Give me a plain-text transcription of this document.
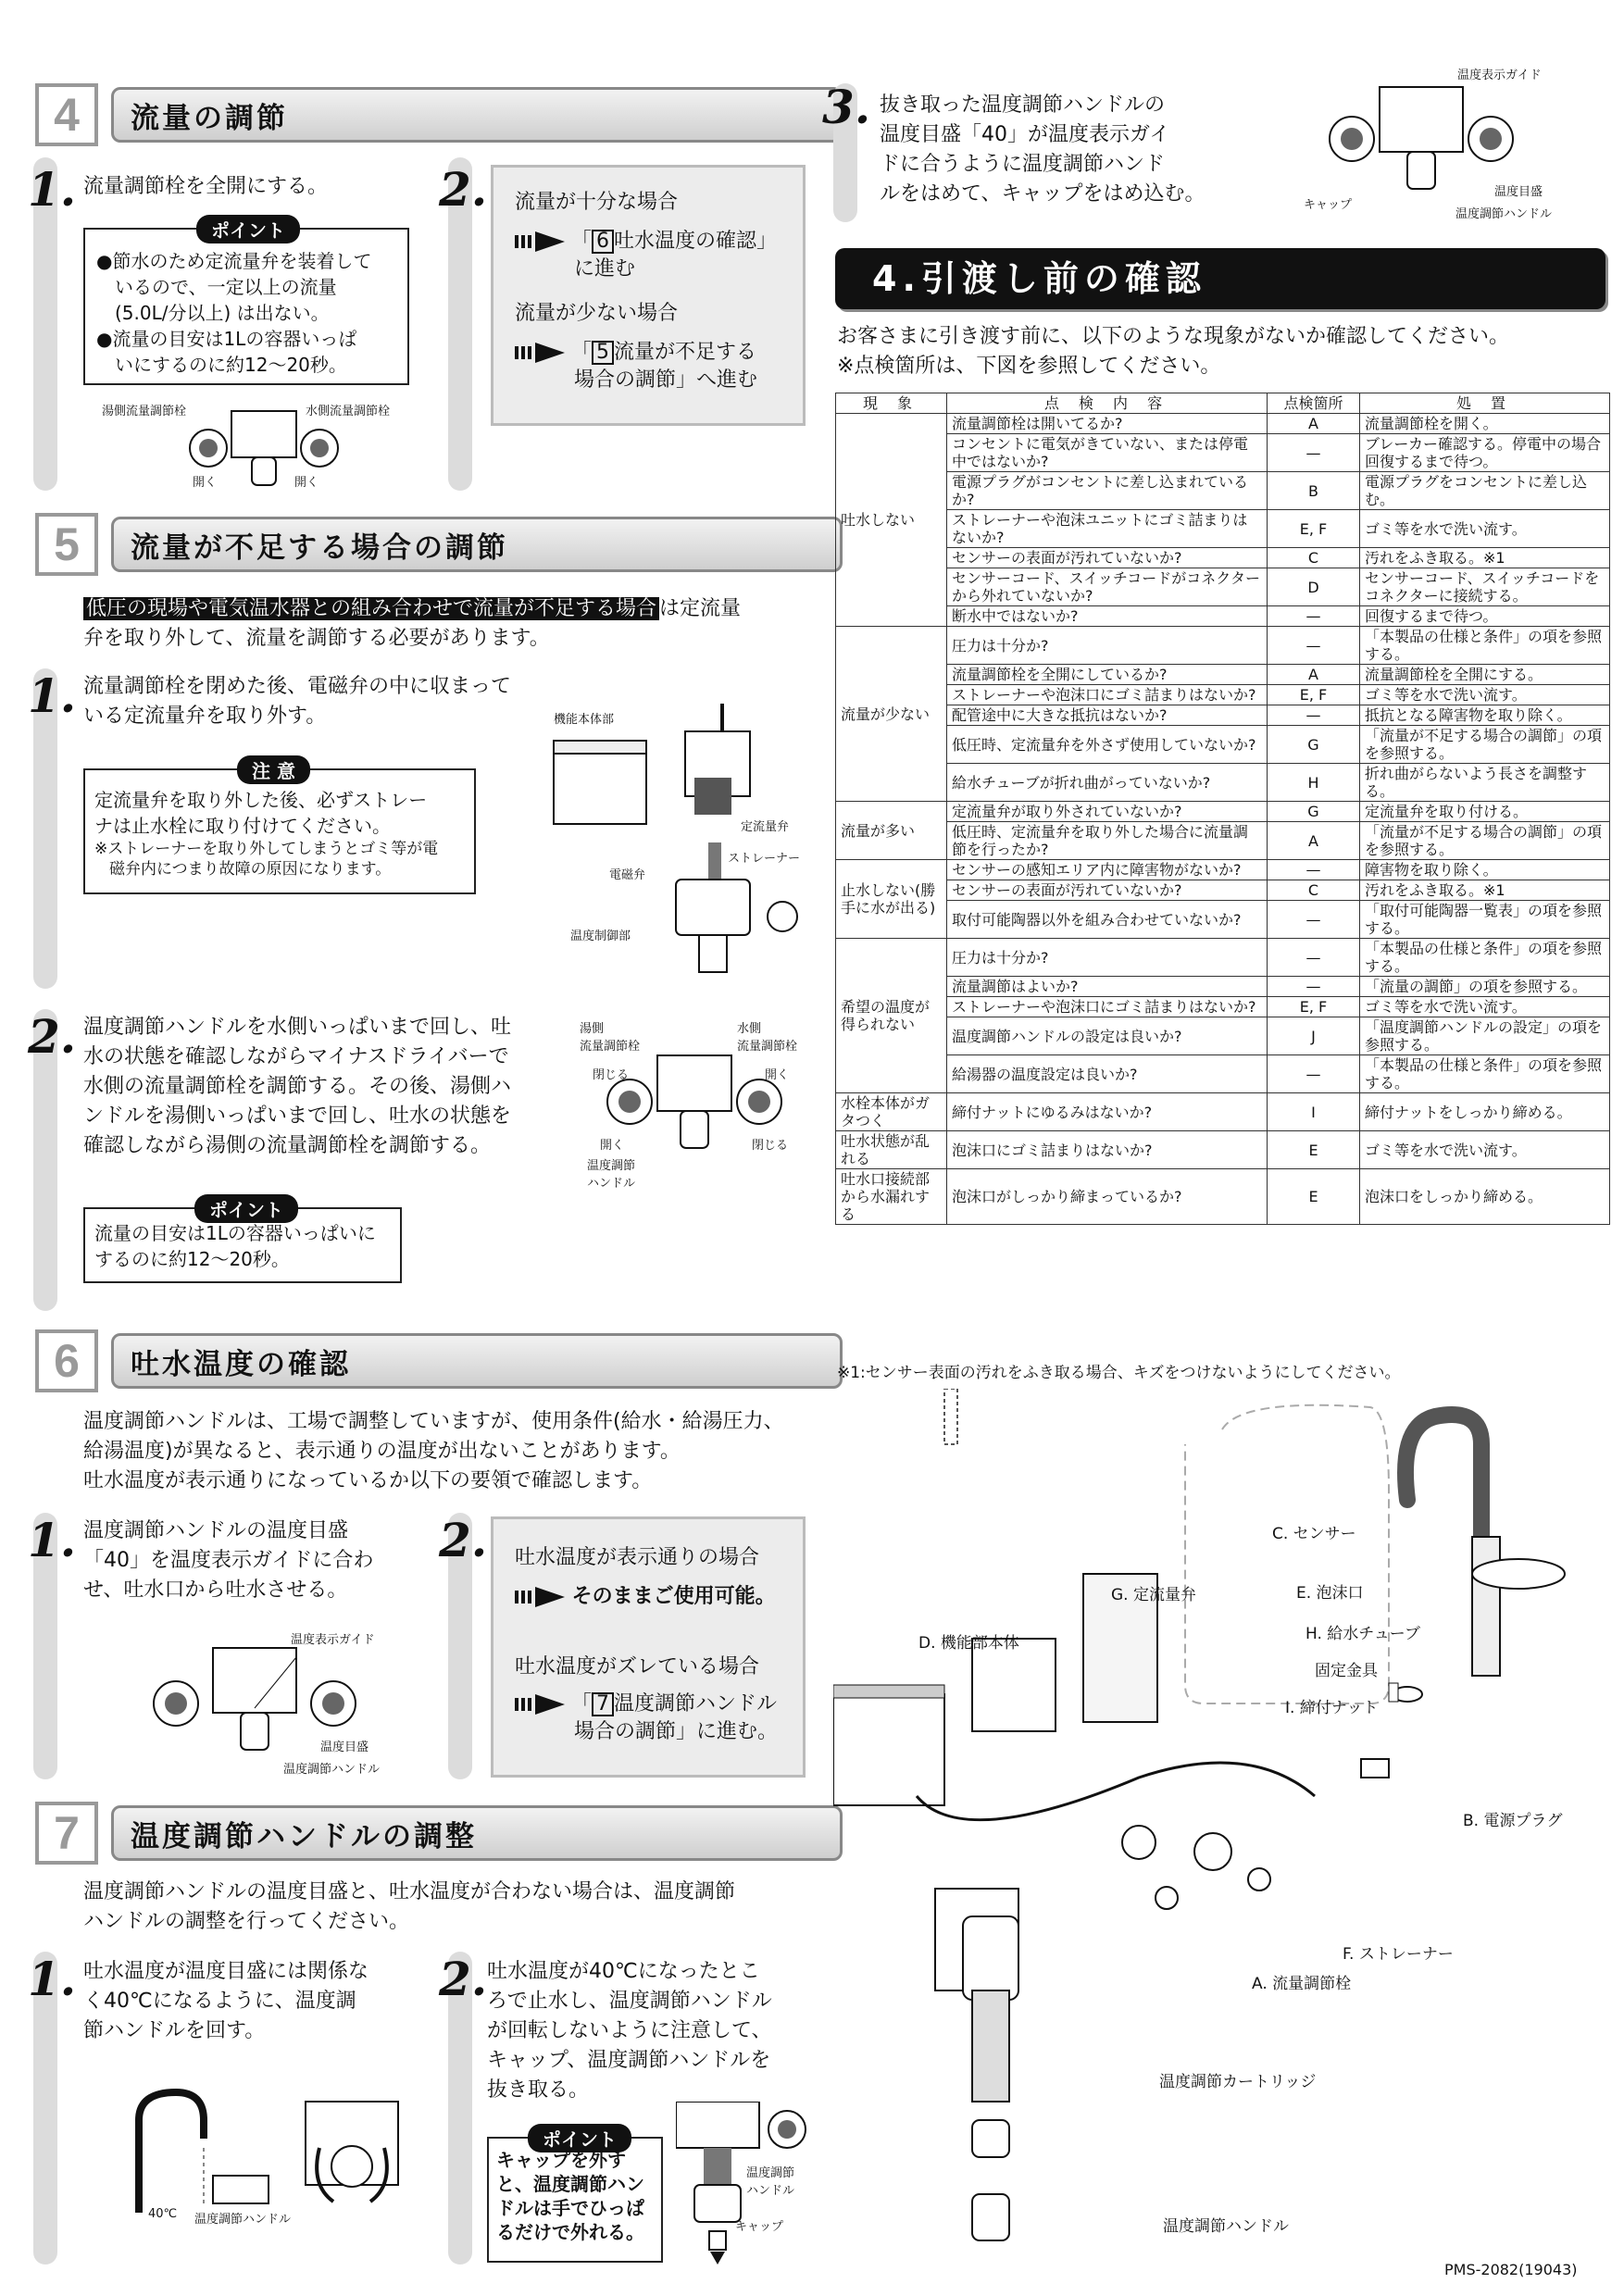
4	流量の調節
1. 流量調節栓を全開にする。
ポイント
●節水のため定流量弁を装着して
いるので、一定以上の流量
(5.0L/分以上) は出ない。
●流量の目安は1Lの容器いっぱ
いにするのに約12〜20秒。
湯側流量調節栓	水側流量調節栓
開く	開く
2. 流量が十分な場合
「 6 吐水温度の確認」
に進む
流量が少ない場合
「 5 流量が不足する
場合の調節」へ進む
5	流量が不足する場合の調節
低圧の現場や電気温水器との組み合わせで流量が不足する場合 は定流量
弁を取り外して、流量を調節する必要があります。
1. 流量調節栓を閉めた後、電磁弁の中に収まって
いる定流量弁を取り外す。
注 意
定流量弁を取り外した後、必ずストレー
ナは止水栓に取り付けてください。
※ストレーナーを取り外してしまうとゴミ等が電
磁弁内につまり故障の原因になります。
機能本体部
定流量弁
ストレーナー
電磁弁
温度制御部
2. 温度調節ハンドルを水側いっぱいまで回し、吐
水の状態を確認しながらマイナスドライバーで
水側の流量調節栓を調節する。その後、湯側ハ
ンドルを湯側いっぱいまで回し、吐水の状態を
確認しながら湯側の流量調節栓を調節する。
湯側
流量調節栓
水側
流量調節栓
閉じる
開く
開く
閉じる
温度調節
ハンドル
ポイント
流量の目安は1Lの容器いっぱいに
するのに約12〜20秒。
6	吐水温度の確認
温度調節ハンドルは、工場で調整していますが、使用条件(給水・給湯圧力、
給湯温度)が異なると、表示通りの温度が出ないことがあります。
吐水温度が表示通りになっているか以下の要領で確認します。
1. 温度調節ハンドルの温度目盛
「40」を温度表示ガイドに合わ
せ、吐水口から吐水させる。
温度表示ガイド
温度目盛
温度調節ハンドル
2. 吐水温度が表示通りの場合
そのままご使用可能。
吐水温度がズレている場合
「 7 温度調節ハンドル
場合の調節」に進む。
7	温度調節ハンドルの調整
温度調節ハンドルの温度目盛と、吐水温度が合わない場合は、温度調節
ハンドルの調整を行ってください。
1. 吐水温度が温度目盛には関係な
く40℃になるように、温度調
節ハンドルを回す。
40℃ 温度調節ハンドル
2. 吐水温度が40℃になったとこ
ろで止水し、温度調節ハンドル
が回転しないように注意して、
キャップ、温度調節ハンドルを
抜き取る。
ポイント
キャップを外す
と、温度調節ハン
ドルは手でひっぱ
るだけで外れる。
温度調節
ハンドル
キャップ
3. 抜き取った温度調節ハンドルの
温度目盛「40」が温度表示ガイ
ドに合うように温度調節ハンド
ルをはめて、キャップをはめ込む。
温度表示ガイド
キャップ
温度目盛
温度調節ハンドル
4.引渡し前の確認
お客さまに引き渡す前に、以下のような現象がないか確認してください。
※点検箇所は、下図を参照してください。
現 象	点 検 内 容	点検箇所	処 置
吐水しない	流量調節栓は開いてるか?	A	流量調節栓を開く。
	コンセントに電気がきていない、または停電中ではないか?	—	ブレーカー確認する。停電中の場合回復するまで待つ。
	電源プラグがコンセントに差し込まれているか?	B	電源プラグをコンセントに差し込む。
	ストレーナーや泡沫ユニットにゴミ詰まりはないか?	E, F	ゴミ等を水で洗い流す。
	センサーの表面が汚れていないか?	C	汚れをふき取る。※1
	センサーコード、スイッチコードがコネクターから外れていないか?	D	センサーコード、スイッチコードをコネクターに接続する。
	断水中ではないか?	—	回復するまで待つ。
流量が少ない	圧力は十分か?	—	「本製品の仕様と条件」の項を参照する。
	流量調節栓を全開にしているか?	A	流量調節栓を全開にする。
	ストレーナーや泡沫口にゴミ詰まりはないか?	E, F	ゴミ等を水で洗い流す。
	配管途中に大きな抵抗はないか?	—	抵抗となる障害物を取り除く。
	低圧時、定流量弁を外さず使用していないか?	G	「流量が不足する場合の調節」の項を参照する。
	給水チューブが折れ曲がっていないか?	H	折れ曲がらないよう長さを調整する。
流量が多い	定流量弁が取り外されていないか?	G	定流量弁を取り付ける。
	低圧時、定流量弁を取り外した場合に流量調節を行ったか?	A	「流量が不足する場合の調節」の項を参照する。
止水しない(勝手に水が出る)	センサーの感知エリア内に障害物がないか?	—	障害物を取り除く。
	センサーの表面が汚れていないか?	C	汚れをふき取る。※1
	取付可能陶器以外を組み合わせていないか?	—	「取付可能陶器一覧表」の項を参照する。
希望の温度が得られない	圧力は十分か?	—	「本製品の仕様と条件」の項を参照する。
	流量調節はよいか?	—	「流量の調節」の項を参照する。
	ストレーナーや泡沫口にゴミ詰まりはないか?	E, F	ゴミ等を水で洗い流す。
	温度調節ハンドルの設定は良いか?	J	「温度調節ハンドルの設定」の項を参照する。
	給湯器の温度設定は良いか?	—	「本製品の仕様と条件」の項を参照する。
水栓本体がガタつく	締付ナットにゆるみはないか?	I	締付ナットをしっかり締める。
吐水状態が乱れる	泡沫口にゴミ詰まりはないか?	E	ゴミ等を水で洗い流す。
吐水口接続部から水漏れする	泡沫口がしっかり締まっているか?	E	泡沫口をしっかり締める。
※1:センサー表面の汚れをふき取る場合、キズをつけないようにしてください。
C. センサー
E. 泡沫口
H. 給水チューブ
固定金具
I. 締付ナット
G. 定流量弁
D. 機能部本体
B. 電源プラグ
F. ストレーナー
A. 流量調節栓
温度調節カートリッジ
温度調節ハンドル
PMS-2082(19043)
